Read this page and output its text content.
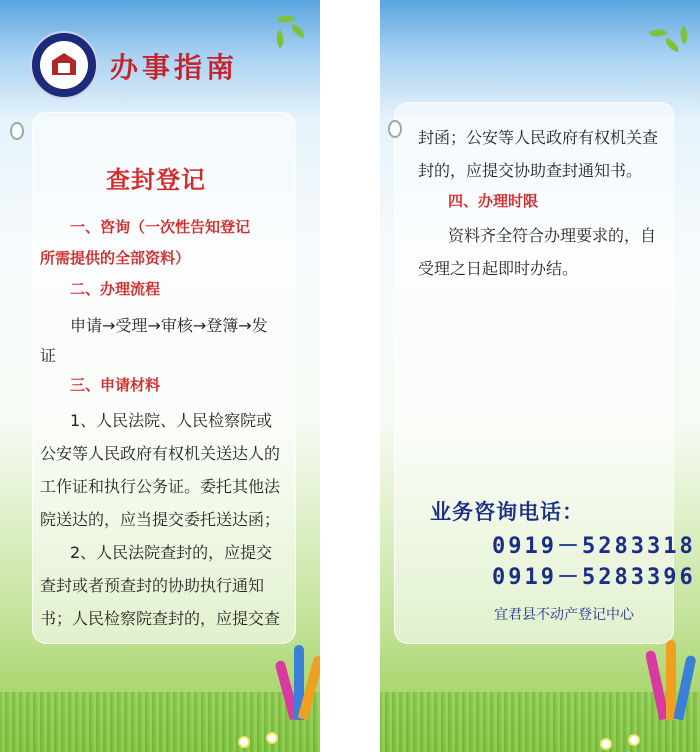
办事指南
查封登记
一、咨询（一次性告知登记
所需提供的全部资料）
二、办理流程
申请→受理→审核→登簿→发
证
三、申请材料
1、人民法院、人民检察院或
公安等人民政府有权机关送达人的
工作证和执行公务证。委托其他法
院送达的，应当提交委托送达函；
2、人民法院查封的，应提交
查封或者预查封的协助执行通知
书；人民检察院查封的，应提交查
封函；公安等人民政府有权机关查
封的，应提交协助查封通知书。
四、办理时限
资料齐全符合办理要求的，自
受理之日起即时办结。
业务咨询电话：
0919－5283318
0919－5283396
宜君县不动产登记中心
